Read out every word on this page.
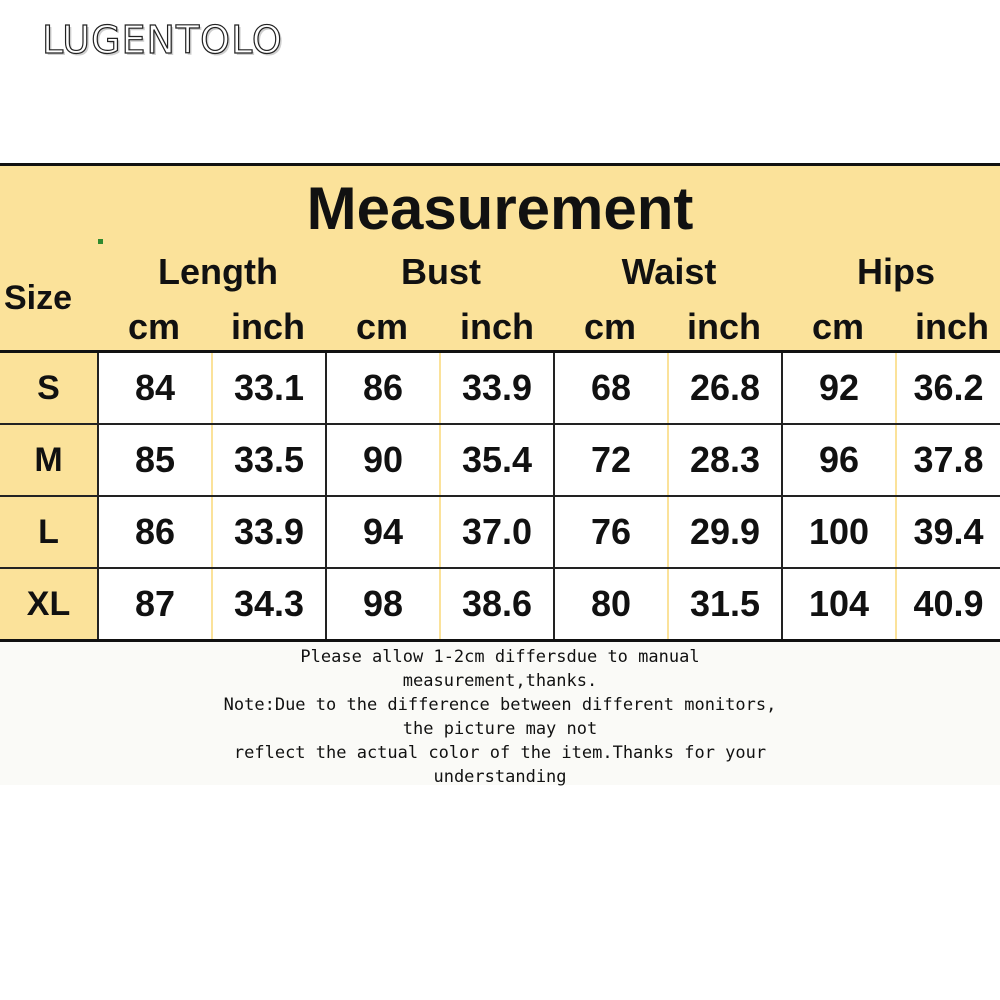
LUGENTOLO
Measurement
Size
Length	Bust	Waist	Hips
cm	inch	cm	inch	cm	inch	cm	inch
S	84	33.1	86	33.9	68	26.8	92	36.2
M	85	33.5	90	35.4	72	28.3	96	37.8
L	86	33.9	94	37.0	76	29.9	100	39.4
XL	87	34.3	98	38.6	80	31.5	104	40.9
Please allow 1-2cm differsdue to manual
measurement,thanks.
Note:Due to the difference between different monitors,
the picture may not
reflect the actual color of the item.Thanks for your
understanding
